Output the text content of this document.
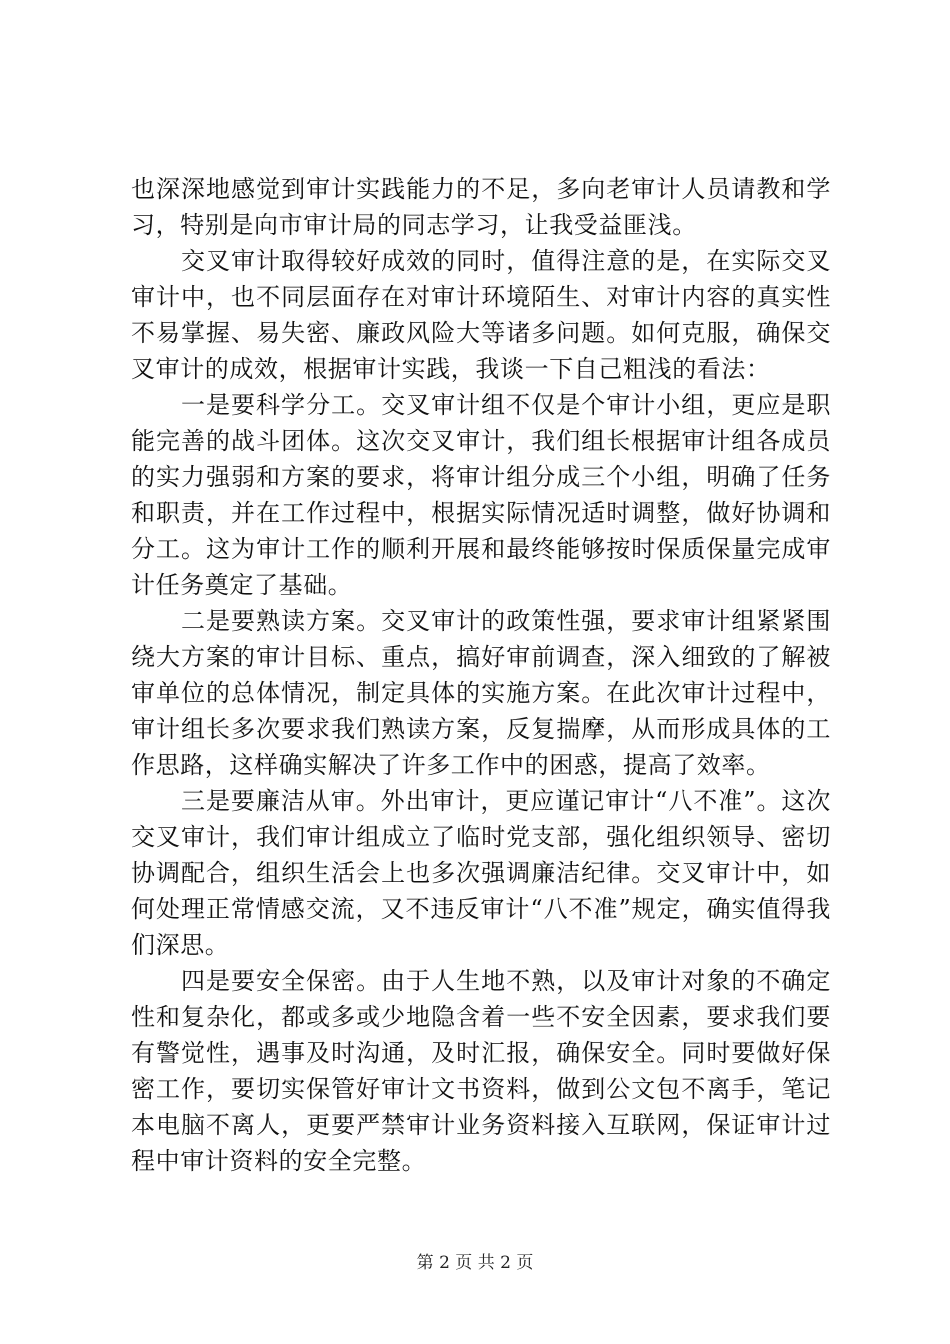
也深深地感觉到审计实践能力的不足，多向老审计人员请教和学习，特别是向市审计局的同志学习，让我受益匪浅。

交叉审计取得较好成效的同时，值得注意的是，在实际交叉审计中，也不同层面存在对审计环境陌生、对审计内容的真实性不易掌握、易失密、廉政风险大等诸多问题。如何克服，确保交叉审计的成效，根据审计实践，我谈一下自己粗浅的看法：

一是要科学分工。交叉审计组不仅是个审计小组，更应是职能完善的战斗团体。这次交叉审计，我们组长根据审计组各成员的实力强弱和方案的要求，将审计组分成三个小组，明确了任务和职责，并在工作过程中，根据实际情况适时调整，做好协调和分工。这为审计工作的顺利开展和最终能够按时保质保量完成审计任务奠定了基础。

二是要熟读方案。交叉审计的政策性强，要求审计组紧紧围绕大方案的审计目标、重点，搞好审前调查，深入细致的了解被审单位的总体情况，制定具体的实施方案。在此次审计过程中，审计组长多次要求我们熟读方案，反复揣摩，从而形成具体的工作思路，这样确实解决了许多工作中的困惑，提高了效率。

三是要廉洁从审。外出审计，更应谨记审计“八不准”。这次交叉审计，我们审计组成立了临时党支部，强化组织领导、密切协调配合，组织生活会上也多次强调廉洁纪律。交叉审计中，如何处理正常情感交流，又不违反审计“八不准”规定，确实值得我们深思。

四是要安全保密。由于人生地不熟，以及审计对象的不确定性和复杂化，都或多或少地隐含着一些不安全因素，要求我们要有警觉性，遇事及时沟通，及时汇报，确保安全。同时要做好保密工作，要切实保管好审计文书资料，做到公文包不离手，笔记本电脑不离人，更要严禁审计业务资料接入互联网，保证审计过程中审计资料的安全完整。

第 2 页 共 2 页
